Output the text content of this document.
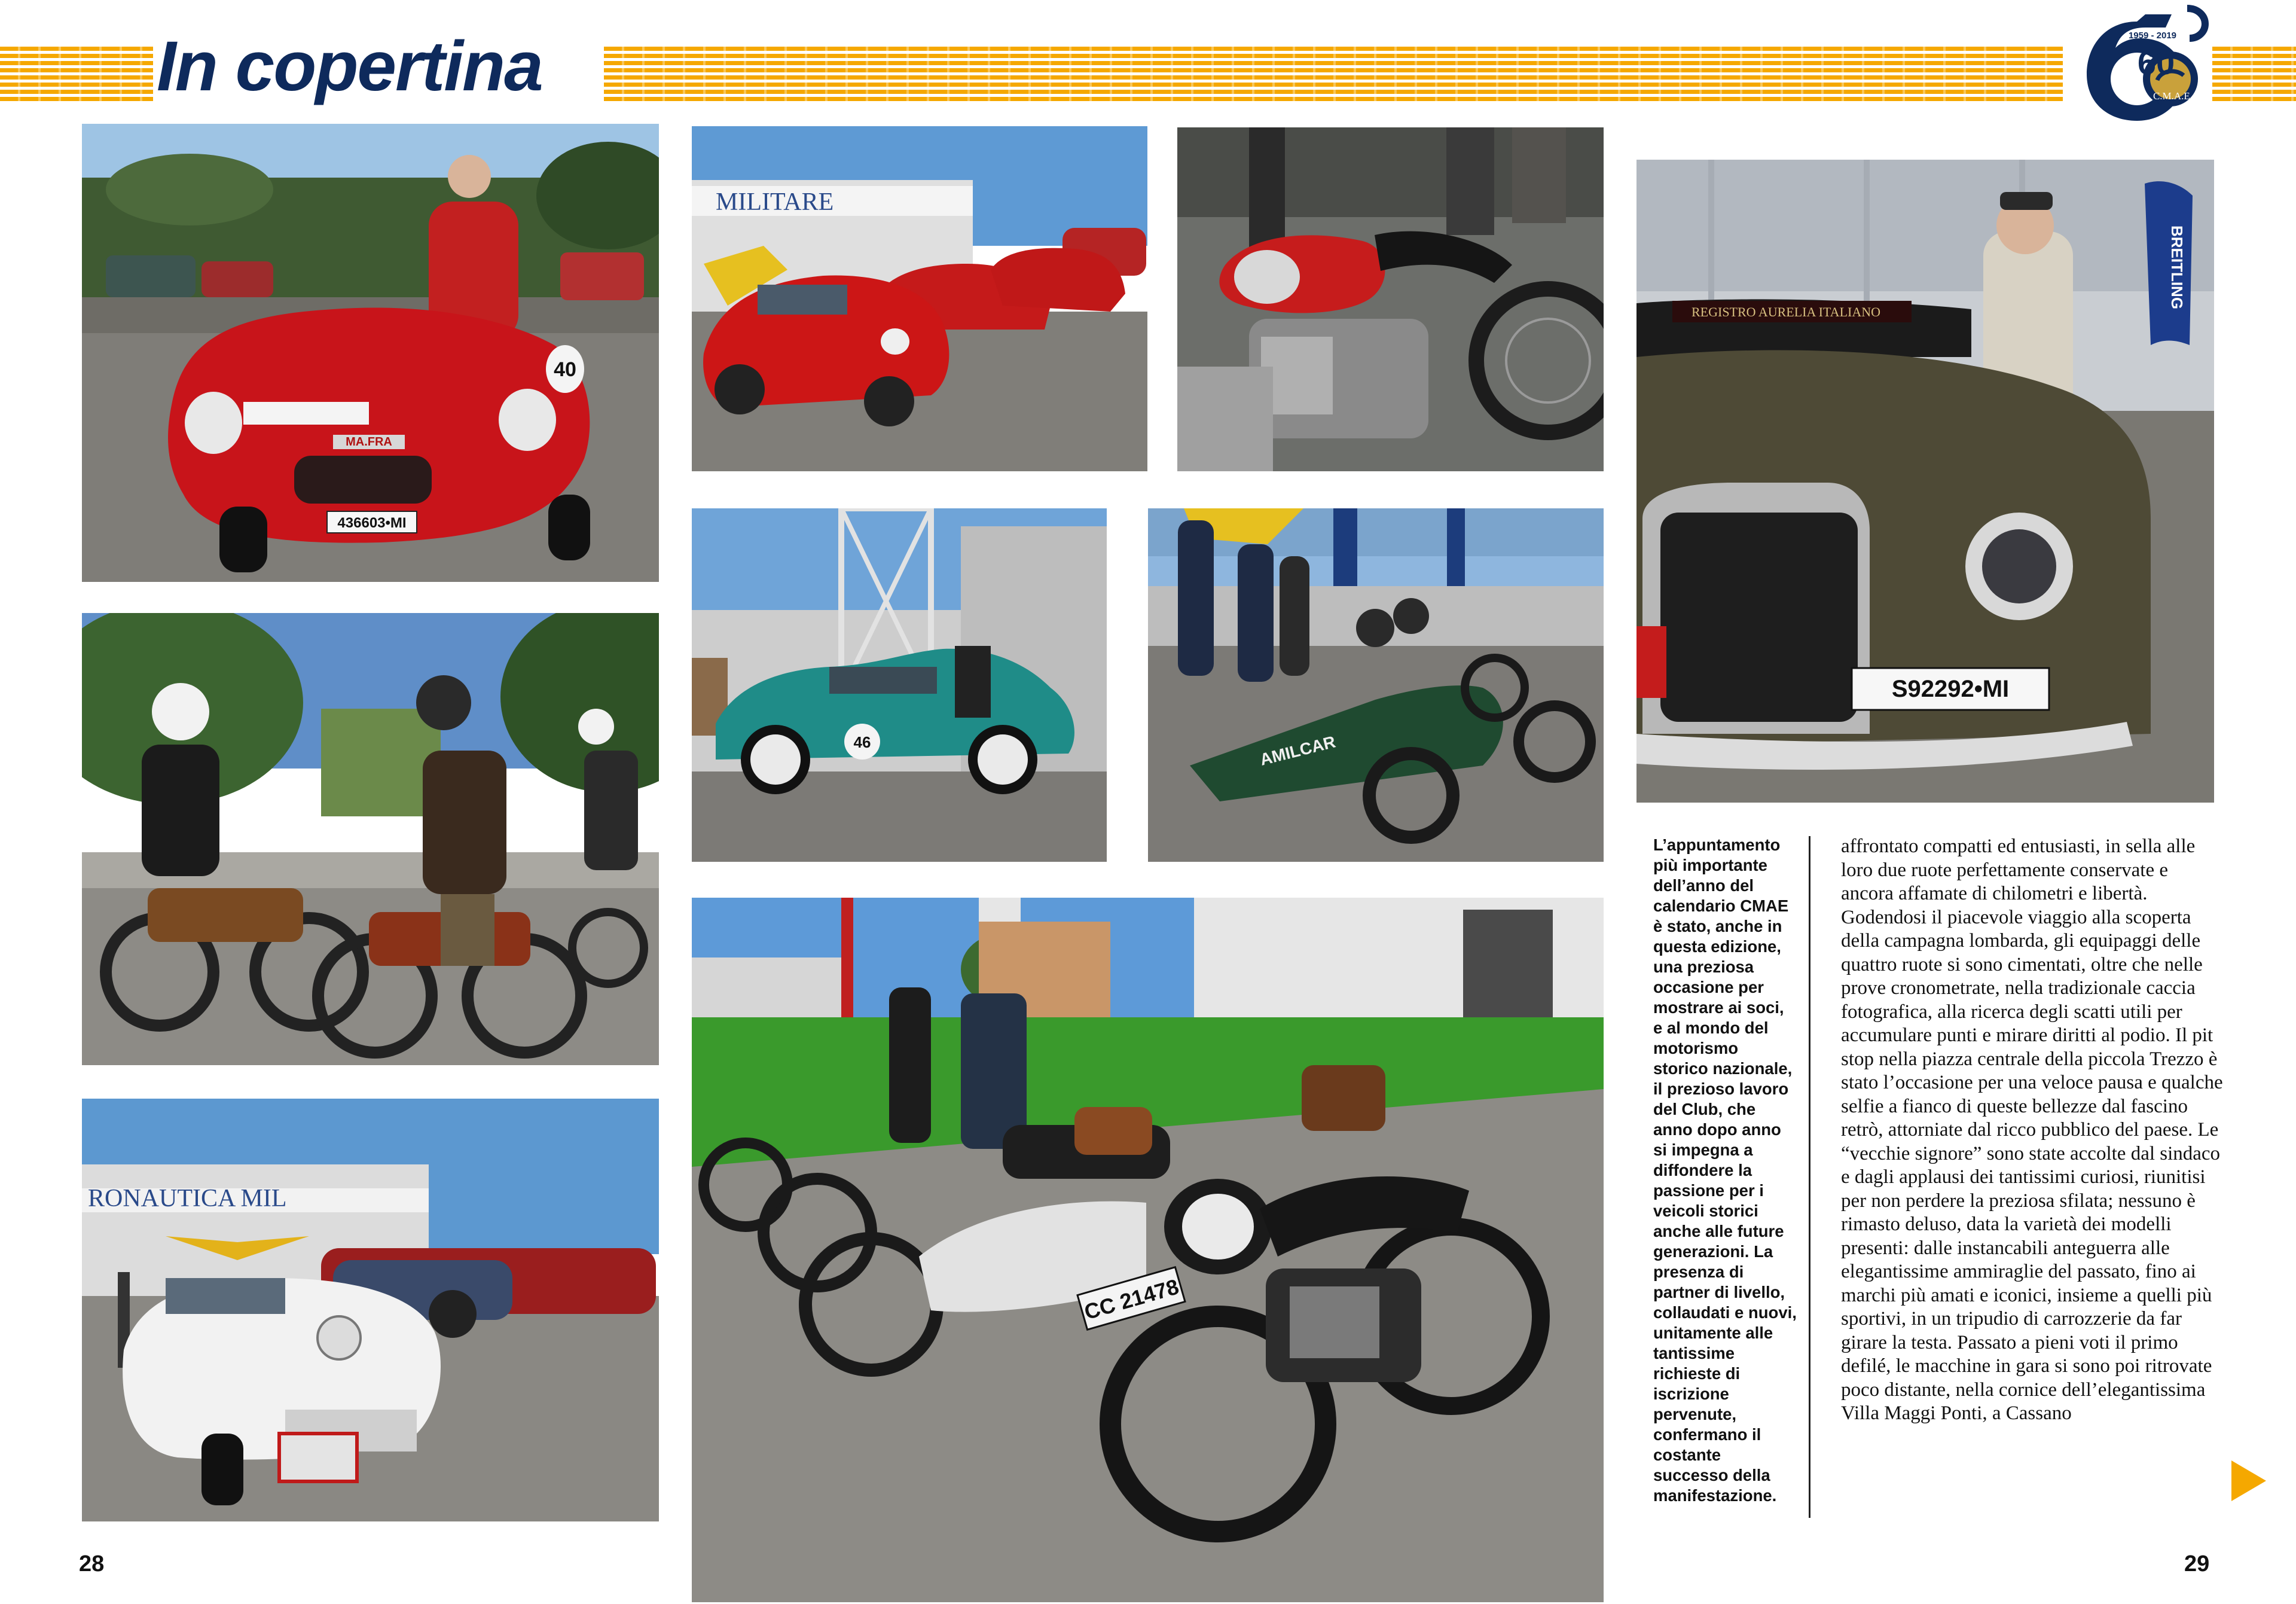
In copertina	60
1959 - 2019
C.M.A.E.
MA.FRA
436603•MI
40
RONAUTICA MIL
MILITARE
46	AMILCAR
CC 21478
BREITLING
REGISTRO AURELIA ITALIANO
S92292•MI
L’appuntamento più importante dell’anno del calendario CMAE è stato, anche in questa edizione, una preziosa occasione per mostrare ai soci, e al mondo del motorismo storico nazionale, il prezioso lavoro del Club, che anno dopo anno si impegna a diffondere la passione per i veicoli storici anche alle future generazioni. La presenza di partner di livello, collaudati e nuovi, unitamente alle tantissime richieste di iscrizione pervenute, confermano il costante successo della manifestazione.
affrontato compatti ed entusiasti, in sella alle loro due ruote perfettamente conservate e ancora affamate di chilometri e libertà. Godendosi il piacevole viaggio alla scoperta della campagna lombarda, gli equipaggi delle quattro ruote si sono cimentati, oltre che nelle prove cronometrate, nella tradizionale caccia fotografica, alla ricerca degli scatti utili per accumulare punti e mirare diritti al podio. Il pit stop nella piazza centrale della piccola Trezzo è stato l’occasione per una veloce pausa e qualche selfie a fianco di queste bellezze dal fascino retrò, attorniate dal ricco pubblico del paese. Le “vecchie signore” sono state accolte dal sindaco e dagli applausi dei tantissimi curiosi, riunitisi per non perdere la preziosa sfilata; nessuno è rimasto deluso, data la varietà dei modelli presenti: dalle instancabili anteguerra alle elegantissime ammiraglie del passato, fino ai marchi più amati e iconici, insieme a quelli più sportivi, in un tripudio di carrozzerie da far girare la testa. Passato a pieni voti il primo defilé, le macchine in gara si sono poi ritrovate poco distante, nella cornice dell’elegantissima Villa Maggi Ponti, a Cassano
28	29
